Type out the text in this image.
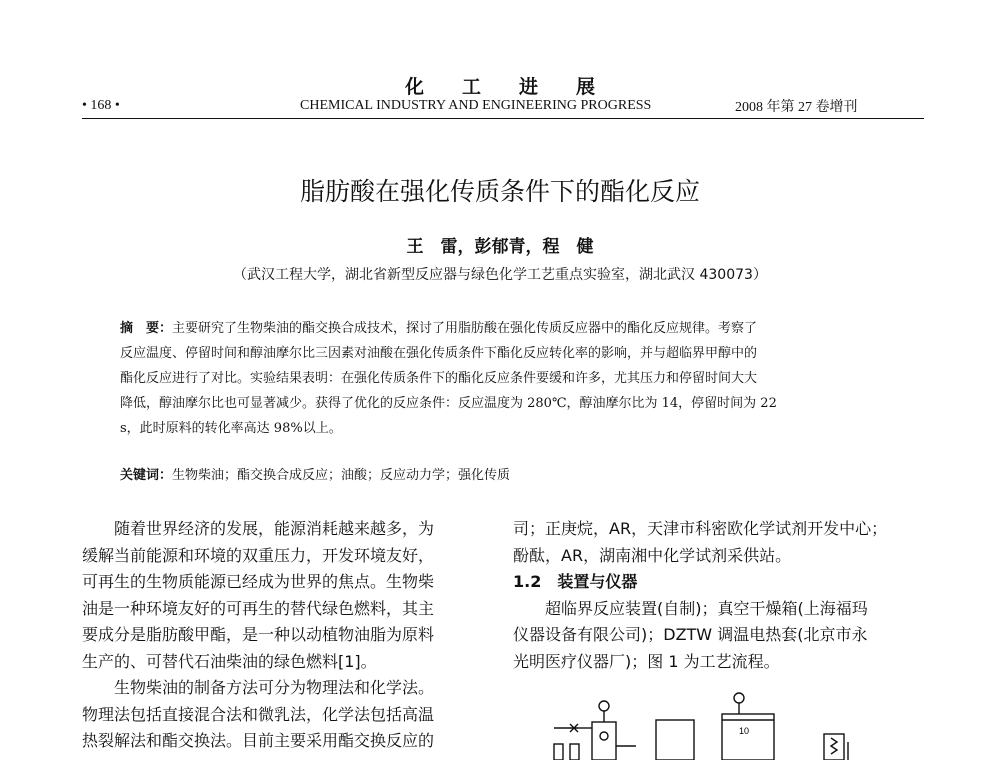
化工进展
• 168 •	CHEMICAL INDUSTRY AND ENGINEERING PROGRESS	2008 年第 27 卷增刊
脂肪酸在强化传质条件下的酯化反应
王　雷，彭郁青，程　健
（武汉工程大学，湖北省新型反应器与绿色化学工艺重点实验室，湖北武汉 430073）
摘　要：主要研究了生物柴油的酯交换合成技术，探讨了用脂肪酸在强化传质反应器中的酯化反应规律。考察了
反应温度、停留时间和醇油摩尔比三因素对油酸在强化传质条件下酯化反应转化率的影响，并与超临界甲醇中的
酯化反应进行了对比。实验结果表明：在强化传质条件下的酯化反应条件要缓和许多，尤其压力和停留时间大大
降低，醇油摩尔比也可显著减少。获得了优化的反应条件：反应温度为 280℃，醇油摩尔比为 14，停留时间为 22
s，此时原料的转化率高达 98%以上。
关键词：生物柴油；酯交换合成反应；油酸；反应动力学；强化传质
　　随着世界经济的发展，能源消耗越来越多，为
缓解当前能源和环境的双重压力，开发环境友好，
可再生的生物质能源已经成为世界的焦点。生物柴
油是一种环境友好的可再生的替代绿色燃料，其主
要成分是脂肪酸甲酯，是一种以动植物油脂为原料
生产的、可替代石油柴油的绿色燃料[1]。
　　生物柴油的制备方法可分为物理法和化学法。
物理法包括直接混合法和微乳法，化学法包括高温
热裂解法和酯交换法。目前主要采用酯交换反应的
司；正庚烷，AR，天津市科密欧化学试剂开发中心；
酚酞，AR，湖南湘中化学试剂采供站。
1.2　装置与仪器
　　超临界反应装置(自制)；真空干燥箱(上海福玛
仪器设备有限公司)；DZTW 调温电热套(北京市永
光明医疗仪器厂)；图 1 为工艺流程。
10
